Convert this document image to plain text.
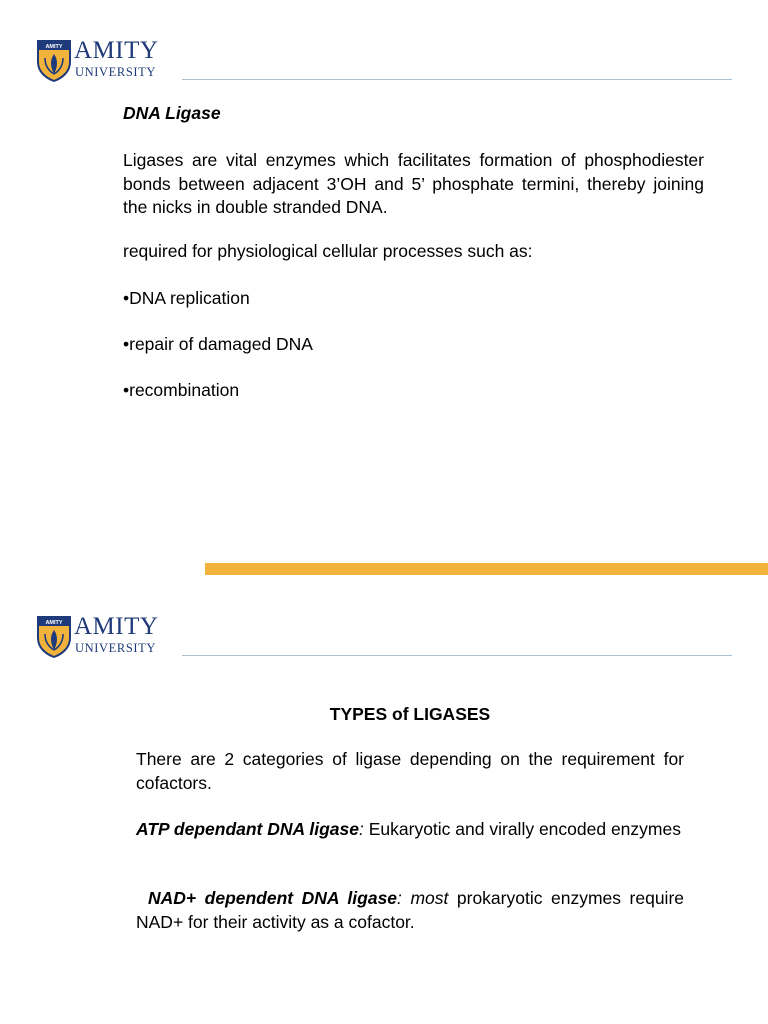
AMITY AMITY
UNIVERSITY
DNA Ligase
Ligases are vital enzymes which facilitates formation of phosphodiester bonds between adjacent 3’OH and 5’ phosphate termini, thereby joining the nicks in double stranded DNA.
required for physiological cellular processes such as:
•DNA replication
•repair of damaged DNA
•recombination
AMITY AMITY
UNIVERSITY
TYPES of LIGASES
There are 2 categories of ligase depending on the requirement for cofactors.
ATP dependant DNA ligase: Eukaryotic and virally encoded enzymes
NAD+ dependent DNA ligase: most prokaryotic enzymes require NAD+ for their activity as a cofactor.
